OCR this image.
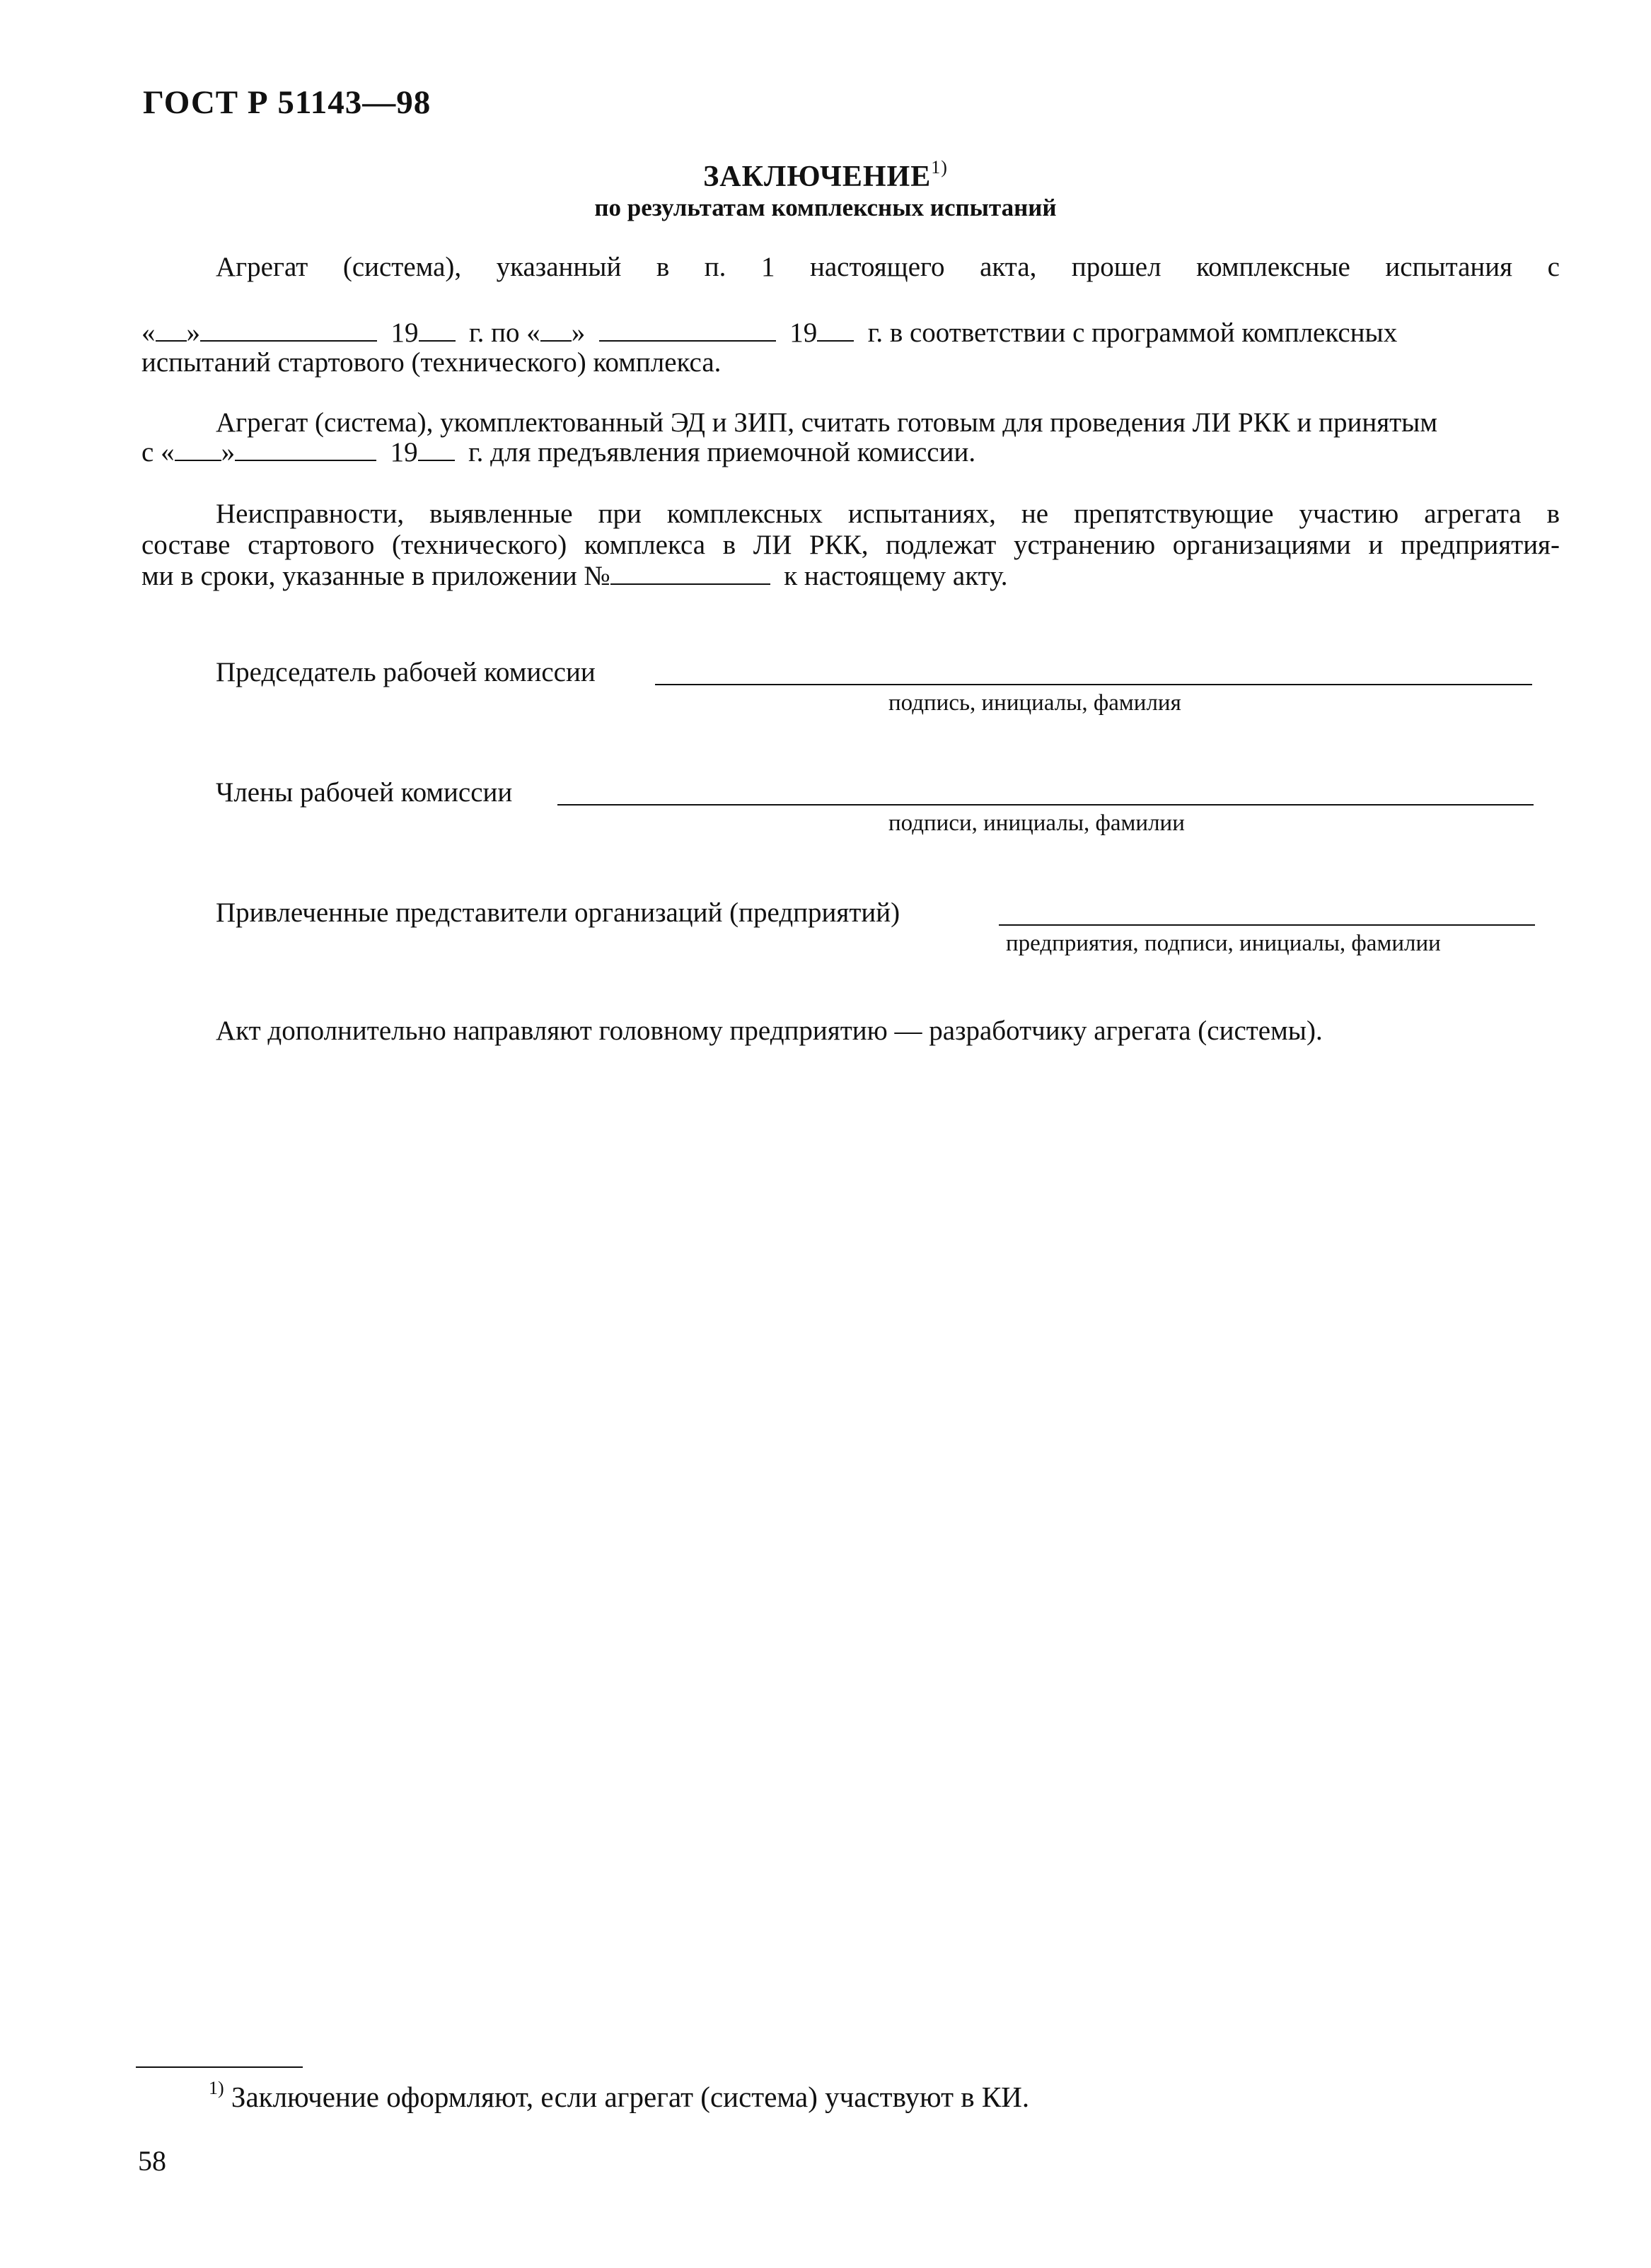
ГОСТ Р 51143—98
ЗАКЛЮЧЕНИЕ$^{1)}$
по результатам комплексных испытаний
Агрегат (система), указанный в п. 1 настоящего акта, прошел комплексные испытания с
« »	19 г. по « »	19 г. в соответствии с программой комплексных
испытаний стартового (технического) комплекса.
Агрегат (система), укомплектованный ЭД и ЗИП, считать готовым для проведения ЛИ РКК и принятым
с « »	19 г. для предъявления приемочной комиссии.
Неисправности, выявленные при комплексных испытаниях, не препятствующие участию агрегата в
составе стартового (технического) комплекса в ЛИ РКК, подлежат устранению организациями и предприятия-
ми в сроки, указанные в приложении №	к настоящему акту.
Председатель рабочей комиссии
подпись, инициалы, фамилия
Члены рабочей комиссии
подписи, инициалы, фамилии
Привлеченные представители организаций (предприятий)
предприятия, подписи, инициалы, фамилии
Акт дополнительно направляют головному предприятию — разработчику агрегата (системы).
$^{1)}$ Заключение оформляют, если агрегат (система) участвуют в КИ.
58
